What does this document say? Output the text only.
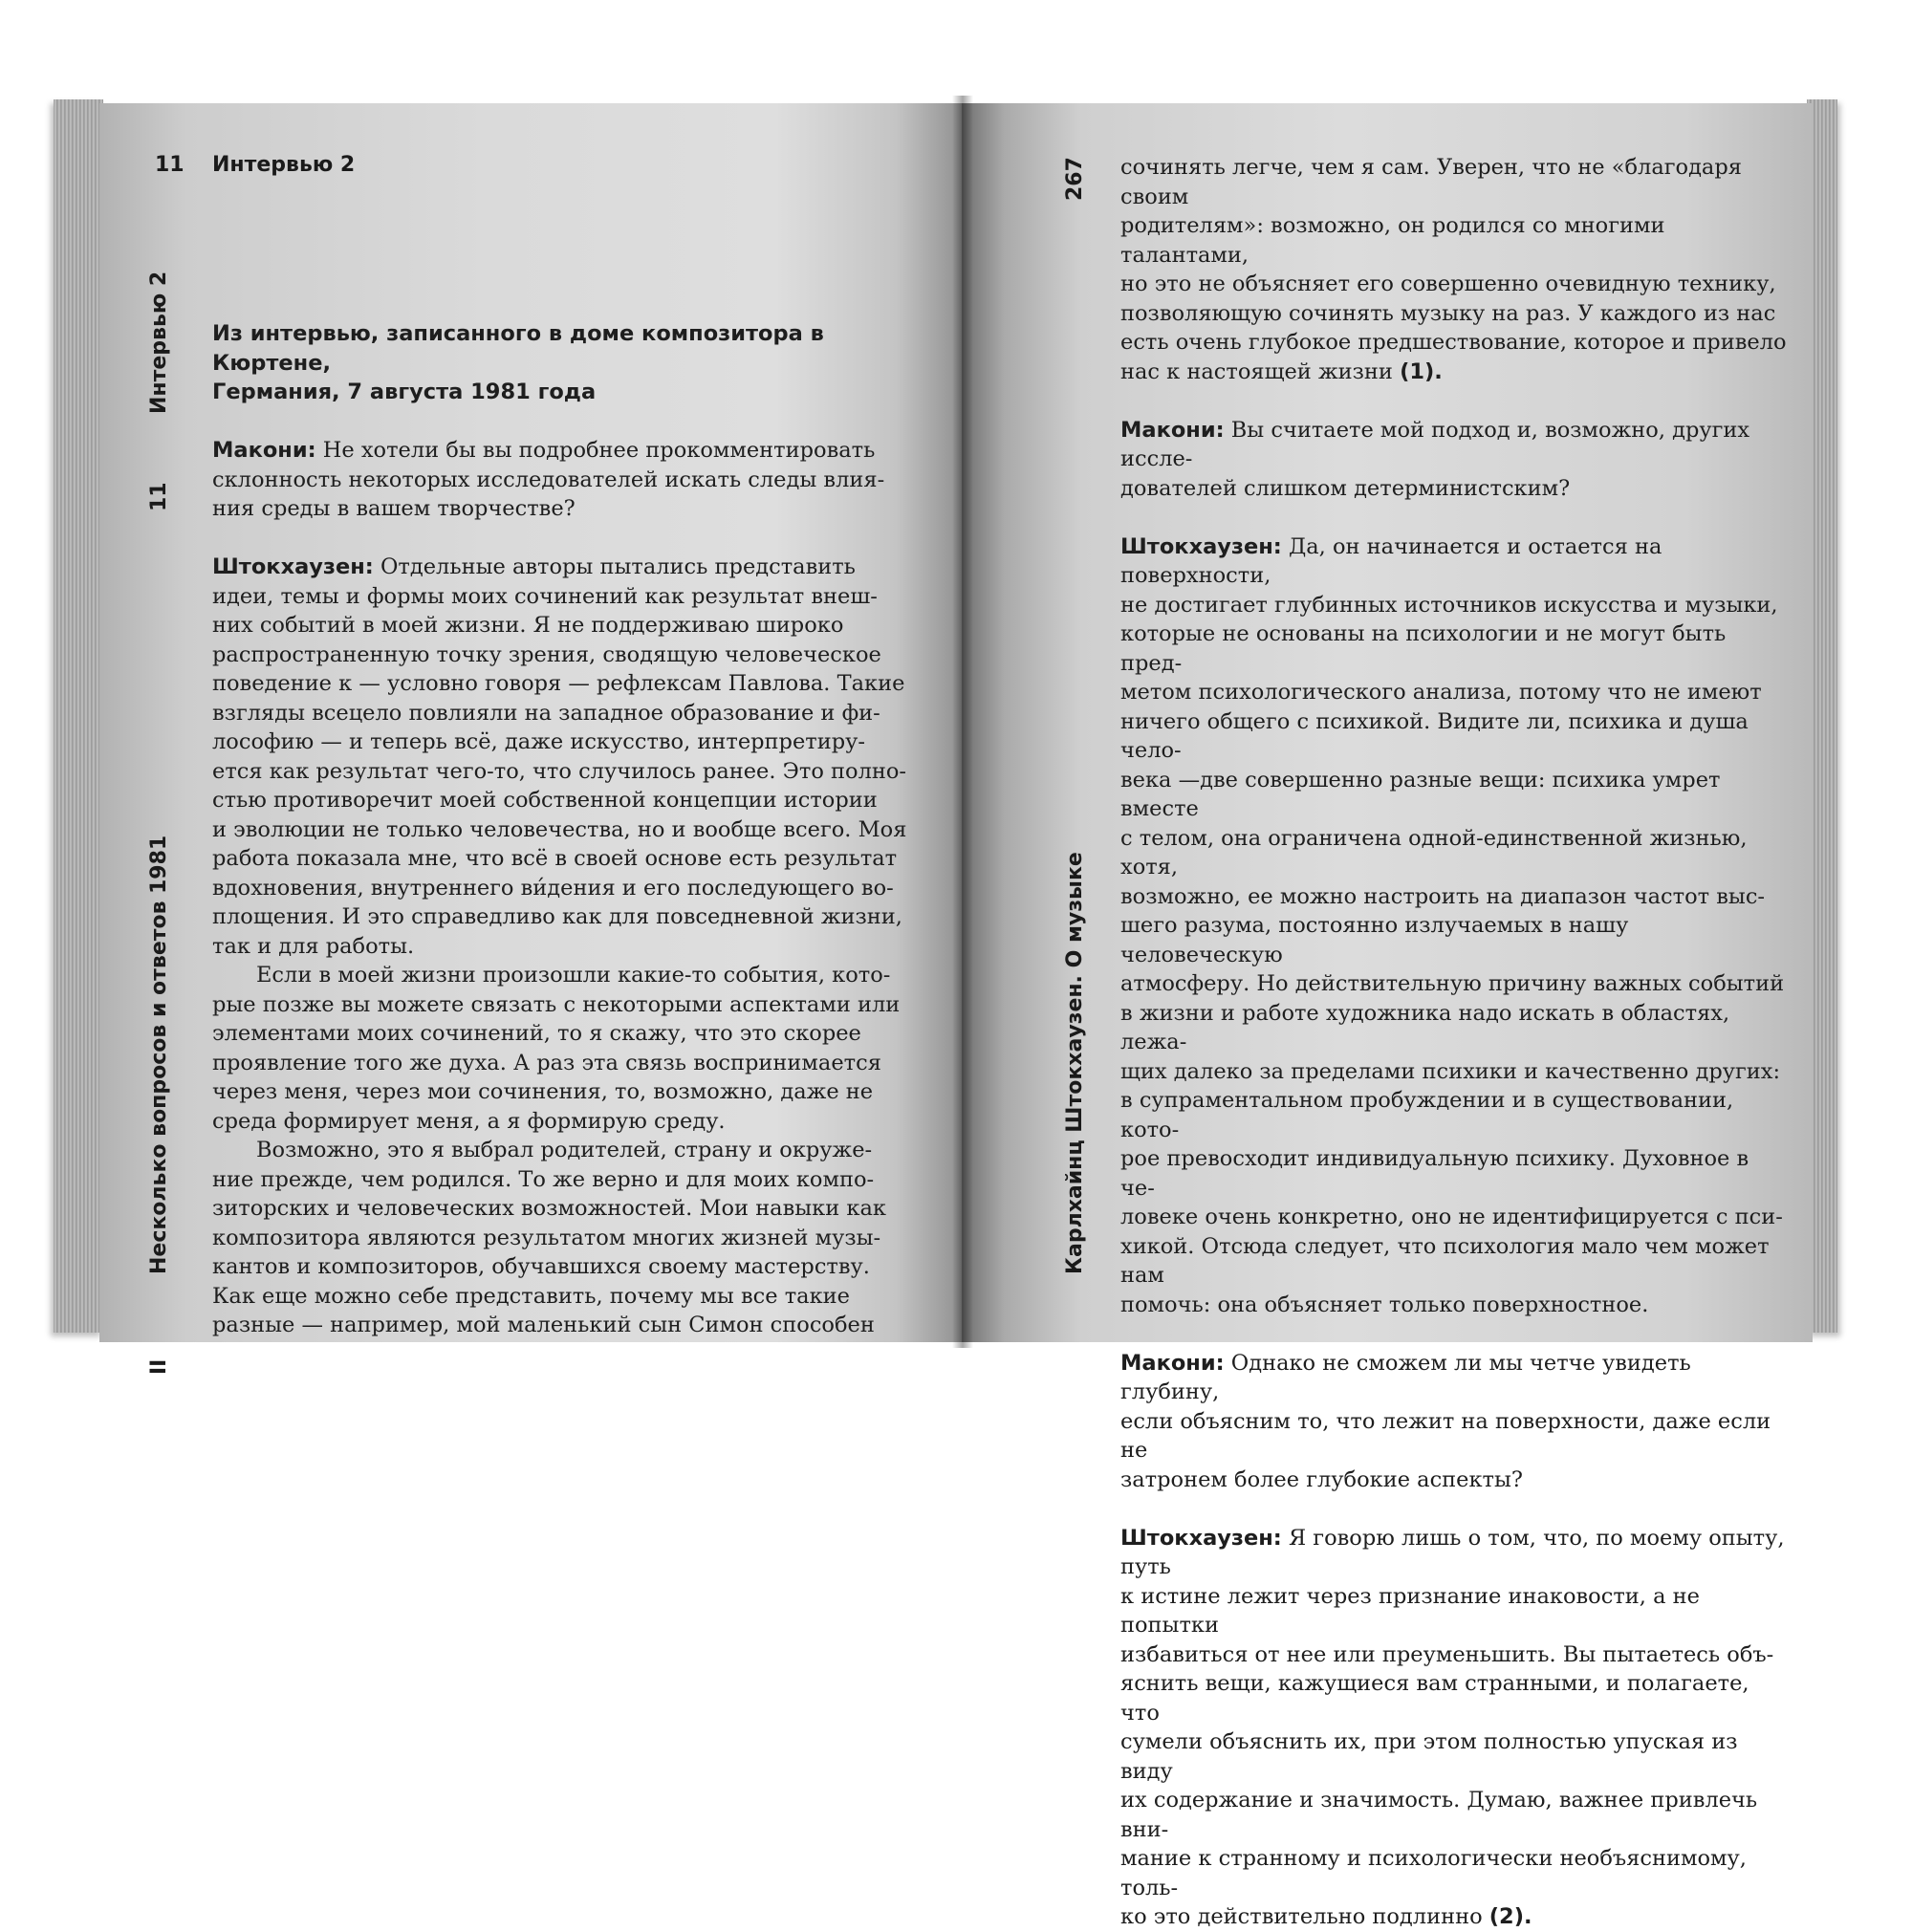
11 Интервью 2
Интервью 2
11
1981
Несколько вопросов и ответов
II

Из интервью, записанного в доме композитора в Кюртене,

Германия, 7 августа 1981 года

Макони: Не хотели бы вы подробнее прокомментировать

склонность некоторых исследователей искать следы влия-

ния среды в вашем творчестве?

Штокхаузен: Отдельные авторы пытались представить

идеи, темы и формы моих сочинений как результат внеш-

них событий в моей жизни. Я не поддерживаю широко

распространенную точку зрения, сводящую человеческое

поведение к — условно говоря — рефлексам Павлова. Такие

взгляды всецело повлияли на западное образование и фи-

лософию — и теперь всё, даже искусство, интерпретиру-

ется как результат чего-то, что случилось ранее. Это полно-

стью противоречит моей собственной концепции истории

и эволюции не только человечества, но и вообще всего. Моя

работа показала мне, что всё в своей основе есть результат

вдохновения, внутреннего ви́дения и его последующего во-

площения. И это справедливо как для повседневной жизни,

так и для работы.

Если в моей жизни произошли какие-то события, кото-

рые позже вы можете связать с некоторыми аспектами или

элементами моих сочинений, то я скажу, что это скорее

проявление того же духа. А раз эта связь воспринимается

через меня, через мои сочинения, то, возможно, даже не

среда формирует меня, а я формирую среду.

Возможно, это я выбрал родителей, страну и окруже-

ние прежде, чем родился. То же верно и для моих компо-

зиторских и человеческих возможностей. Мои навыки как

композитора являются результатом многих жизней музы-

кантов и композиторов, обучавшихся своему мастерству.

Как еще можно себе представить, почему мы все такие

разные — например, мой маленький сын Симон способен

267
Карлхайнц Штокхаузен. О музыке

сочинять легче, чем я сам. Уверен, что не «благодаря своим

родителям»: возможно, он родился со многими талантами,

но это не объясняет его совершенно очевидную технику,

позволяющую сочинять музыку на раз. У каждого из нас

есть очень глубокое предшествование, которое и привело

нас к настоящей жизни (1).

Макони: Вы считаете мой подход и, возможно, других иссле-

дователей слишком детерминистским?

Штокхаузен: Да, он начинается и остается на поверхности,

не достигает глубинных источников искусства и музыки,

которые не основаны на психологии и не могут быть пред-

метом психологического анализа, потому что не имеют

ничего общего с психикой. Видите ли, психика и душа чело-

века —две совершенно разные вещи: психика умрет вместе

с телом, она ограничена одной-единственной жизнью, хотя,

возможно, ее можно настроить на диапазон частот выс-

шего разума, постоянно излучаемых в нашу человеческую

атмосферу. Но действительную причину важных событий

в жизни и работе художника надо искать в областях, лежа-

щих далеко за пределами психики и качественно других:

в супраментальном пробуждении и в существовании, кото-

рое превосходит индивидуальную психику. Духовное в че-

ловеке очень конкретно, оно не идентифицируется с пси-

хикой. Отсюда следует, что психология мало чем может нам

помочь: она объясняет только поверхностное.

Макони: Однако не сможем ли мы четче увидеть глубину,

если объясним то, что лежит на поверхности, даже если не

затронем более глубокие аспекты?

Штокхаузен: Я говорю лишь о том, что, по моему опыту, путь

к истине лежит через признание инаковости, а не попытки

избавиться от нее или преуменьшить. Вы пытаетесь объ-

яснить вещи, кажущиеся вам странными, и полагаете, что

сумели объяснить их, при этом полностью упуская из виду

их содержание и значимость. Думаю, важнее привлечь вни-

мание к странному и психологически необъяснимому, толь-

ко это действительно подлинно (2).
